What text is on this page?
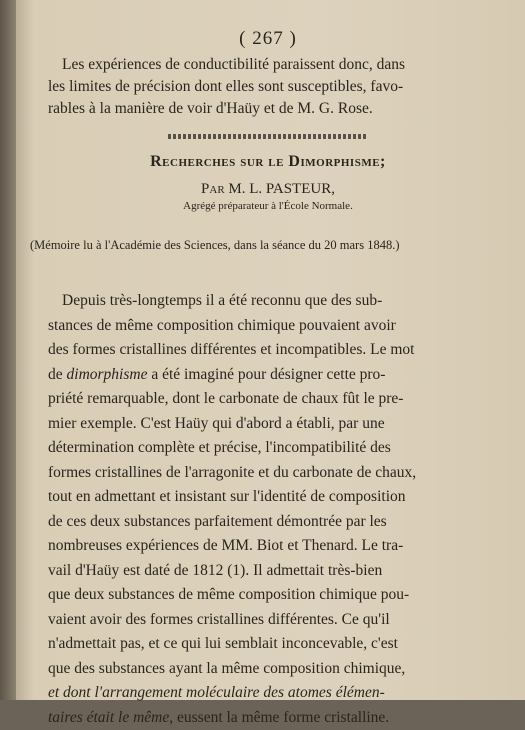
( 267 )
Les expériences de conductibilité paraissent donc, dans
les limites de précision dont elles sont susceptibles, favo-
rables à la manière de voir d'Haüy et de M. G. Rose.
Recherches sur le Dimorphisme;
Par M. L. PASTEUR,
Agrégé préparateur à l'École Normale.
(Mémoire lu à l'Académie des Sciences, dans la séance du 20 mars 1848.)
Depuis très-longtemps il a été reconnu que des sub-
stances de même composition chimique pouvaient avoir
des formes cristallines différentes et incompatibles. Le mot
de dimorphisme a été imaginé pour désigner cette pro-
priété remarquable, dont le carbonate de chaux fût le pre-
mier exemple. C'est Haüy qui d'abord a établi, par une
détermination complète et précise, l'incompatibilité des
formes cristallines de l'arragonite et du carbonate de chaux,
tout en admettant et insistant sur l'identité de composition
de ces deux substances parfaitement démontrée par les
nombreuses expériences de MM. Biot et Thenard. Le tra-
vail d'Haüy est daté de 1812 (1). Il admettait très-bien
que deux substances de même composition chimique pou-
vaient avoir des formes cristallines différentes. Ce qu'il
n'admettait pas, et ce qui lui semblait inconcevable, c'est
que des substances ayant la même composition chimique,
et dont l'arrangement moléculaire des atomes élémen-
taires était le même, eussent la même forme cristalline.
